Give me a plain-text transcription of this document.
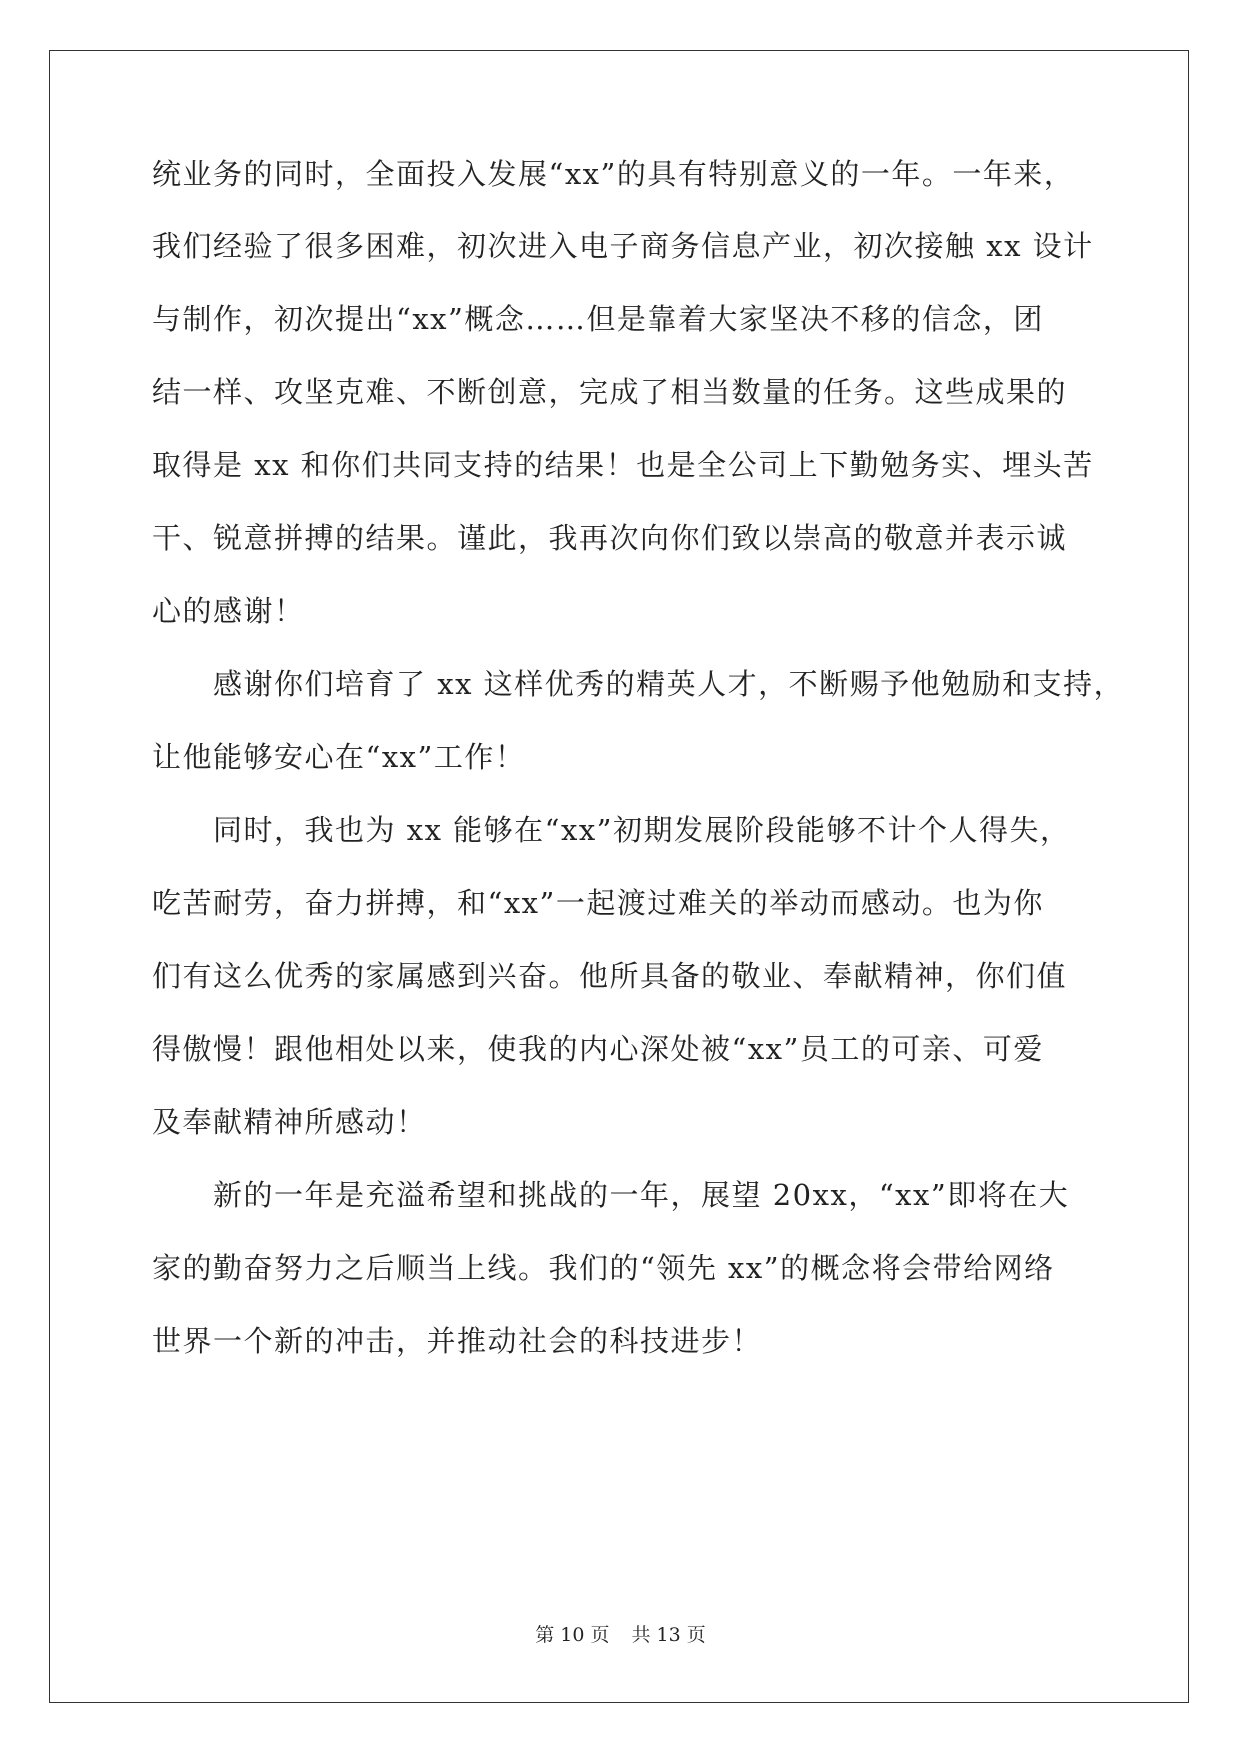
统业务的同时，全面投入发展“xx”的具有特别意义的一年。一年来，
我们经验了很多困难，初次进入电子商务信息产业，初次接触 xx 设计
与制作，初次提出“xx”概念……但是靠着大家坚决不移的信念，团
结一样、攻坚克难、不断创意，完成了相当数量的任务。这些成果的
取得是 xx 和你们共同支持的结果！也是全公司上下勤勉务实、埋头苦
干、锐意拼搏的结果。谨此，我再次向你们致以崇高的敬意并表示诚
心的感谢！
感谢你们培育了 xx 这样优秀的精英人才，不断赐予他勉励和支持，
让他能够安心在“xx”工作！
同时，我也为 xx 能够在“xx”初期发展阶段能够不计个人得失，
吃苦耐劳，奋力拼搏，和“xx”一起渡过难关的举动而感动。也为你
们有这么优秀的家属感到兴奋。他所具备的敬业、奉献精神，你们值
得傲慢！跟他相处以来，使我的内心深处被“xx”员工的可亲、可爱
及奉献精神所感动！
新的一年是充溢希望和挑战的一年，展望 20xx，“xx”即将在大
家的勤奋努力之后顺当上线。我们的“领先 xx”的概念将会带给网络
世界一个新的冲击，并推动社会的科技进步！
第 10 页 共 13 页
